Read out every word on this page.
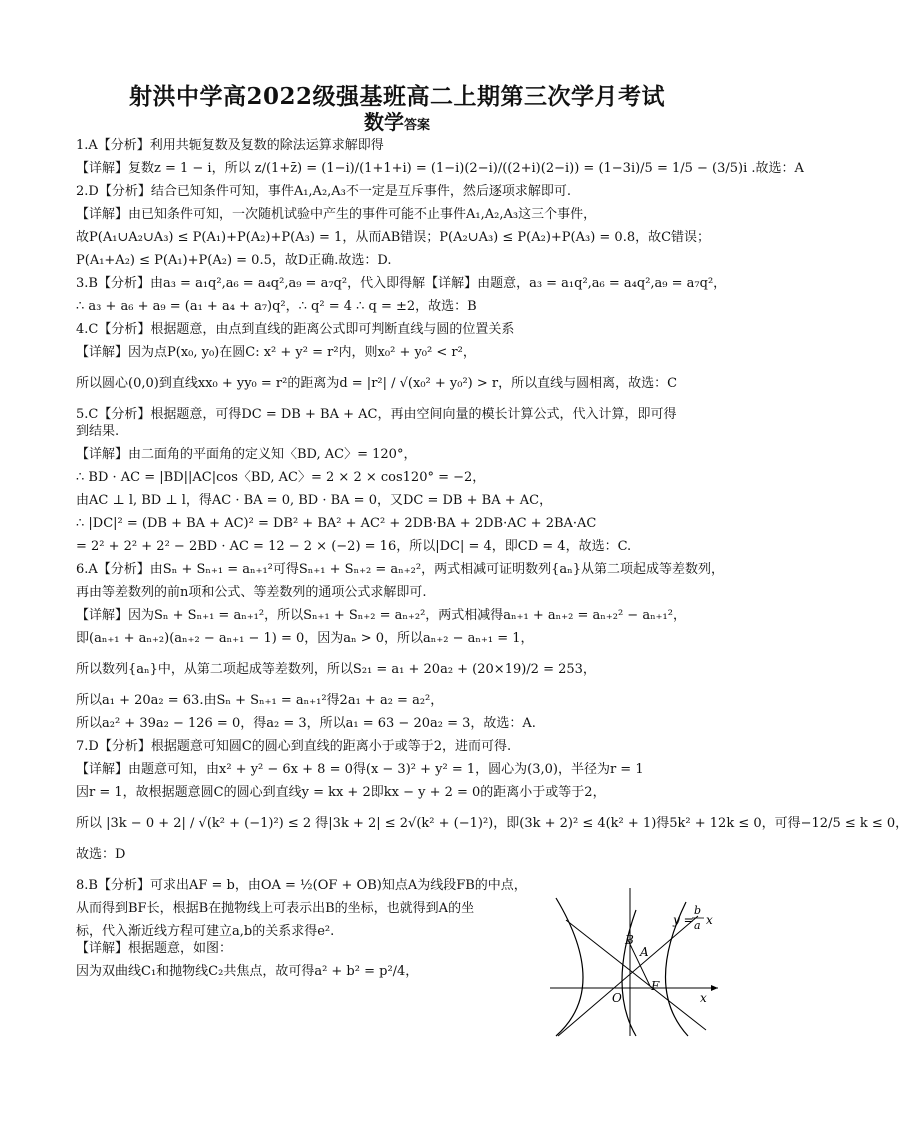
射洪中学高2022级强基班高二上期第三次学月考试
数学答案
1.A【分析】利用共轭复数及复数的除法运算求解即得
【详解】复数z = 1 − i，所以 z/(1+z̄) = (1−i)/(1+1+i) = (1−i)(2−i)/((2+i)(2−i)) = (1−3i)/5 = 1/5 − (3/5)i .故选：A
2.D【分析】结合已知条件可知，事件A₁,A₂,A₃不一定是互斥事件，然后逐项求解即可.
【详解】由已知条件可知，一次随机试验中产生的事件可能不止事件A₁,A₂,A₃这三个事件，
故P(A₁∪A₂∪A₃) ≤ P(A₁)+P(A₂)+P(A₃) = 1，从而AB错误；P(A₂∪A₃) ≤ P(A₂)+P(A₃) = 0.8，故C错误；
P(A₁+A₂) ≤ P(A₁)+P(A₂) = 0.5，故D正确.故选：D.
3.B【分析】由a₃ = a₁q²,a₆ = a₄q²,a₉ = a₇q²，代入即得解【详解】由题意，a₃ = a₁q²,a₆ = a₄q²,a₉ = a₇q²，
∴ a₃ + a₆ + a₉ = (a₁ + a₄ + a₇)q²，∴ q² = 4 ∴ q = ±2，故选：B
4.C【分析】根据题意，由点到直线的距离公式即可判断直线与圆的位置关系
【详解】因为点P(x₀, y₀)在圆C: x² + y² = r²内，则x₀² + y₀² < r²，
所以圆心(0,0)到直线xx₀ + yy₀ = r²的距离为d = |r²| / √(x₀² + y₀²) > r，所以直线与圆相离，故选：C
5.C【分析】根据题意，可得DC = DB + BA + AC，再由空间向量的模长计算公式，代入计算，即可得
到结果.
【详解】由二面角的平面角的定义知〈BD, AC〉= 120°，
∴ BD · AC = |BD||AC|cos〈BD, AC〉= 2 × 2 × cos120° = −2，
由AC ⊥ l, BD ⊥ l，得AC · BA = 0, BD · BA = 0，又DC = DB + BA + AC，
∴ |DC|² = (DB + BA + AC)² = DB² + BA² + AC² + 2DB·BA + 2DB·AC + 2BA·AC
= 2² + 2² + 2² − 2BD · AC = 12 − 2 × (−2) = 16，所以|DC| = 4，即CD = 4，故选：C.
6.A【分析】由Sₙ + Sₙ₊₁ = aₙ₊₁²可得Sₙ₊₁ + Sₙ₊₂ = aₙ₊₂²，两式相减可证明数列{aₙ}从第二项起成等差数列，
再由等差数列的前n项和公式、等差数列的通项公式求解即可.
【详解】因为Sₙ + Sₙ₊₁ = aₙ₊₁²，所以Sₙ₊₁ + Sₙ₊₂ = aₙ₊₂²，两式相减得aₙ₊₁ + aₙ₊₂ = aₙ₊₂² − aₙ₊₁²，
即(aₙ₊₁ + aₙ₊₂)(aₙ₊₂ − aₙ₊₁ − 1) = 0，因为aₙ > 0，所以aₙ₊₂ − aₙ₊₁ = 1，
所以数列{aₙ}中，从第二项起成等差数列，所以S₂₁ = a₁ + 20a₂ + (20×19)/2 = 253，
所以a₁ + 20a₂ = 63.由Sₙ + Sₙ₊₁ = aₙ₊₁²得2a₁ + a₂ = a₂²，
所以a₂² + 39a₂ − 126 = 0，得a₂ = 3，所以a₁ = 63 − 20a₂ = 3，故选：A.
7.D【分析】根据题意可知圆C的圆心到直线的距离小于或等于2，进而可得.
【详解】由题意可知，由x² + y² − 6x + 8 = 0得(x − 3)² + y² = 1，圆心为(3,0)，半径为r = 1
因r = 1，故根据题意圆C的圆心到直线y = kx + 2即kx − y + 2 = 0的距离小于或等于2，
所以 |3k − 0 + 2| / √(k² + (−1)²) ≤ 2 得|3k + 2| ≤ 2√(k² + (−1)²)，即(3k + 2)² ≤ 4(k² + 1)得5k² + 12k ≤ 0，可得−12/5 ≤ k ≤ 0，
故选：D
8.B【分析】可求出AF = b，由OA = ½(OF + OB)知点A为线段FB的中点，
从而得到BF长，根据B在抛物线上可表示出B的坐标，也就得到A的坐
标，代入渐近线方程可建立a,b的关系求得e².
【详解】根据题意，如图：
因为双曲线C₁和抛物线C₂共焦点，故可得a² + b² = p²/4，
y =
b
a x
B
A
O
F
x
